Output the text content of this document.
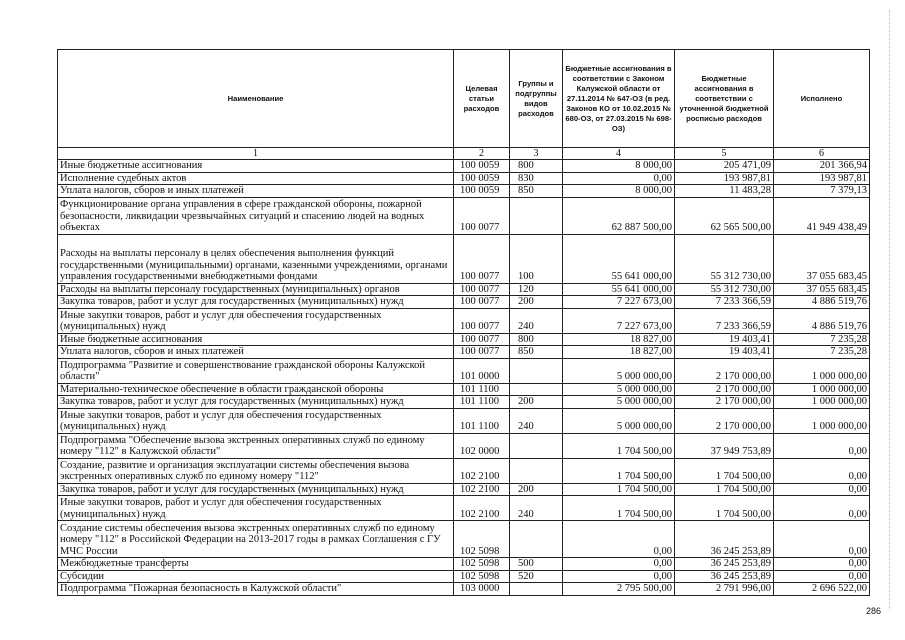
Наименование	Целевая статьи расходов	Группы и подгруппы видов расходов	Бюджетные ассигнования в соответствии с Законом Калужской области от 27.11.2014 № 647-ОЗ (в ред. Законов КО от 10.02.2015 № 680-ОЗ, от 27.03.2015 № 698-ОЗ)	Бюджетные ассигнования в соответствии с уточненной бюджетной росписью расходов	Исполнено
1	2	3	4	5	6
Иные бюджетные ассигнования	100 0059	800	8 000,00	205 471,09	201 366,94
Исполнение судебных актов	100 0059	830	0,00	193 987,81	193 987,81
Уплата налогов, сборов и иных платежей	100 0059	850	8 000,00	11 483,28	7 379,13
Функционирование органа управления в сфере гражданской обороны, пожарной безопасности, ликвидации чрезвычайных ситуаций и спасению людей на водных объектах	100 0077		62 887 500,00	62 565 500,00	41 949 438,49
Расходы на выплаты персоналу в целях обеспечения выполнения функций государственными (муниципальными) органами, казенными учреждениями, органами управления государственными внебюджетными фондами	100 0077	100	55 641 000,00	55 312 730,00	37 055 683,45
Расходы на выплаты персоналу государственных (муниципальных) органов	100 0077	120	55 641 000,00	55 312 730,00	37 055 683,45
Закупка товаров, работ и услуг для государственных (муниципальных) нужд	100 0077	200	7 227 673,00	7 233 366,59	4 886 519,76
Иные закупки товаров, работ и услуг для обеспечения государственных (муниципальных) нужд	100 0077	240	7 227 673,00	7 233 366,59	4 886 519,76
Иные бюджетные ассигнования	100 0077	800	18 827,00	19 403,41	7 235,28
Уплата налогов, сборов и иных платежей	100 0077	850	18 827,00	19 403,41	7 235,28
Подпрограмма "Развитие и совершенствование гражданской обороны Калужской области"	101 0000		5 000 000,00	2 170 000,00	1 000 000,00
Материально-техническое обеспечение в области гражданской обороны	101 1100		5 000 000,00	2 170 000,00	1 000 000,00
Закупка товаров, работ и услуг для государственных (муниципальных) нужд	101 1100	200	5 000 000,00	2 170 000,00	1 000 000,00
Иные закупки товаров, работ и услуг для обеспечения государственных (муниципальных) нужд	101 1100	240	5 000 000,00	2 170 000,00	1 000 000,00
Подпрограмма "Обеспечение вызова экстренных оперативных служб по единому номеру "112" в Калужской области"	102 0000		1 704 500,00	37 949 753,89	0,00
Создание, развитие и организация эксплуатации системы обеспечения вызова экстренных оперативных служб по единому номеру "112"	102 2100		1 704 500,00	1 704 500,00	0,00
Закупка товаров, работ и услуг для государственных (муниципальных) нужд	102 2100	200	1 704 500,00	1 704 500,00	0,00
Иные закупки товаров, работ и услуг для обеспечения государственных (муниципальных) нужд	102 2100	240	1 704 500,00	1 704 500,00	0,00
Создание системы обеспечения вызова экстренных оперативных служб по единому номеру "112" в Российской Федерации на 2013-2017 годы в рамках Соглашения с ГУ МЧС России	102 5098		0,00	36 245 253,89	0,00
Межбюджетные трансферты	102 5098	500	0,00	36 245 253,89	0,00
Субсидии	102 5098	520	0,00	36 245 253,89	0,00
Подпрограмма "Пожарная безопасность в Калужской области"	103 0000		2 795 500,00	2 791 996,00	2 696 522,00
286
